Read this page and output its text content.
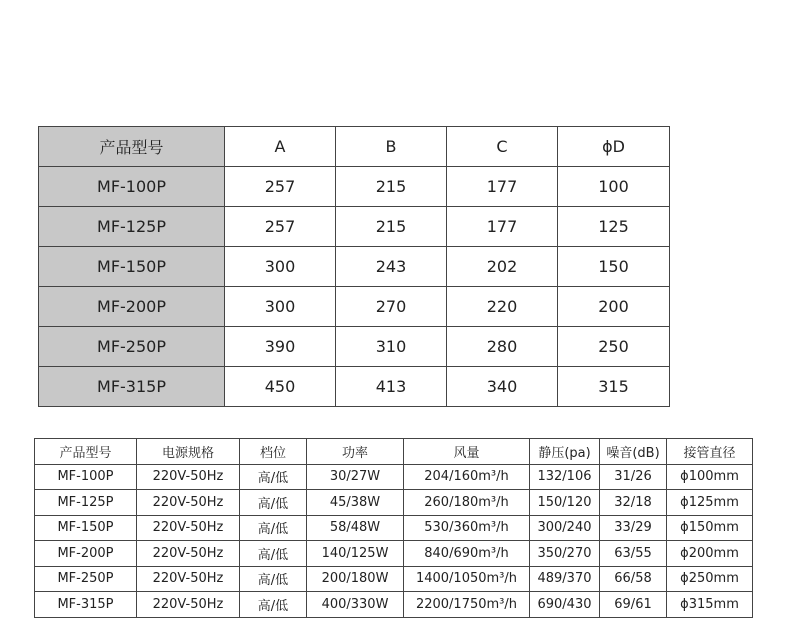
产品型号	A	B	C	ϕD
MF-100P	257	215	177	100
MF-125P	257	215	177	125
MF-150P	300	243	202	150
MF-200P	300	270	220	200
MF-250P	390	310	280	250
MF-315P	450	413	340	315
产品型号	电源规格	档位	功率	风量	静压(pa)	噪音(dB)	接管直径
MF-100P	220V-50Hz	高/低	30/27W	204/160m³/h	132/106	31/26	ϕ100mm
MF-125P	220V-50Hz	高/低	45/38W	260/180m³/h	150/120	32/18	ϕ125mm
MF-150P	220V-50Hz	高/低	58/48W	530/360m³/h	300/240	33/29	ϕ150mm
MF-200P	220V-50Hz	高/低	140/125W	840/690m³/h	350/270	63/55	ϕ200mm
MF-250P	220V-50Hz	高/低	200/180W	1400/1050m³/h	489/370	66/58	ϕ250mm
MF-315P	220V-50Hz	高/低	400/330W	2200/1750m³/h	690/430	69/61	ϕ315mm
